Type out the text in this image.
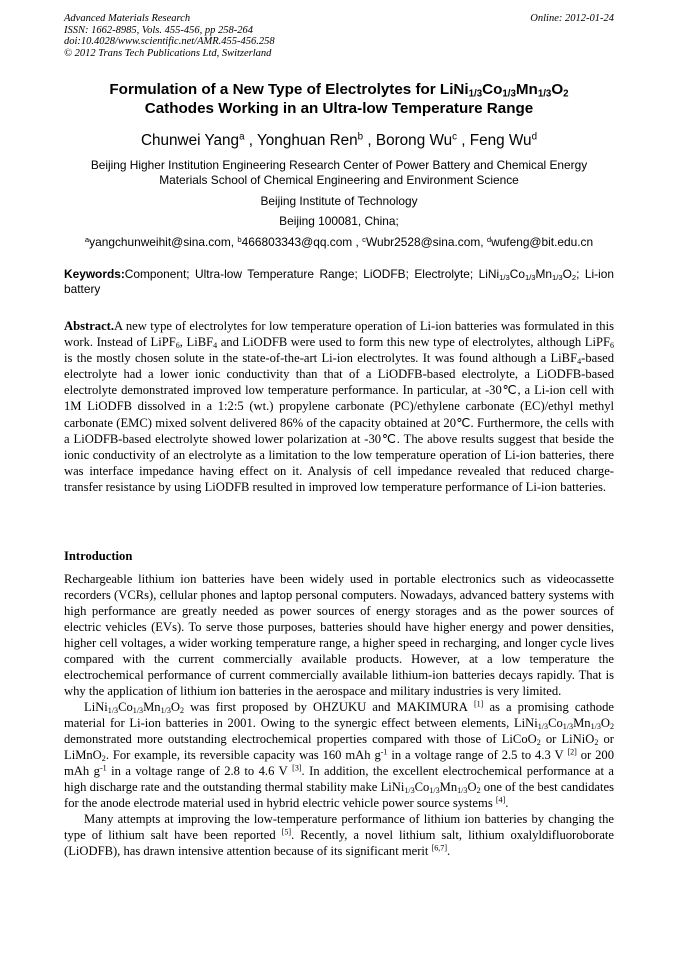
Advanced Materials Research
ISSN: 1662-8985, Vols. 455-456, pp 258-264
doi:10.4028/www.scientific.net/AMR.455-456.258
© 2012 Trans Tech Publications Ltd, Switzerland
Online: 2012-01-24
Formulation of a New Type of Electrolytes for $LiNi_{1/3}Co_{1/3}Mn_{1/3}O_2$
Cathodes Working in an Ultra-low Temperature Range
Chunwei Yang$^a$ , Yonghuan Ren$^b$ , Borong Wu$^c$ , Feng Wu$^d$
Beijing Higher Institution Engineering Research Center of Power Battery and Chemical Energy
Materials School of Chemical Engineering and Environment Science
Beijing Institute of Technology
Beijing 100081, China;
$^a$yangchunweihit@sina.com, $^b$466803343@qq.com , $^c$Wubr2528@sina.com, $^d$wufeng@bit.edu.cn
Keywords:Component; Ultra-low Temperature Range; LiODFB; Electrolyte; $LiNi_{1/3}Co_{1/3}Mn_{1/3}O_2$; Li-ion battery
Abstract.A new type of electrolytes for low temperature operation of Li-ion batteries was formulated in this work. Instead of LiPF$_6$, LiBF$_4$ and LiODFB were used to form this new type of electrolytes, although LiPF$_6$ is the mostly chosen solute in the state-of-the-art Li-ion electrolytes. It was found although a LiBF$_4$-based electrolyte had a lower ionic conductivity than that of a LiODFB-based electrolyte, a LiODFB-based electrolyte demonstrated improved low temperature performance. In particular, at -30℃, a Li-ion cell with 1M LiODFB dissolved in a 1:2:5 (wt.) propylene carbonate (PC)/ethylene carbonate (EC)/ethyl methyl carbonate (EMC) mixed solvent delivered 86% of the capacity obtained at 20℃. Furthermore, the cells with a LiODFB-based electrolyte showed lower polarization at -30℃. The above results suggest that beside the ionic conductivity of an electrolyte as a limitation to the low temperature operation of Li-ion batteries, there was interface impedance having effect on it. Analysis of cell impedance revealed that reduced charge-transfer resistance by using LiODFB resulted in improved low temperature performance of Li-ion batteries.
Introduction

Rechargeable lithium ion batteries have been widely used in portable electronics such as videocassette recorders (VCRs), cellular phones and laptop personal computers. Nowadays, advanced battery systems with high performance are greatly needed as power sources of energy storages and as the power sources of electric vehicles (EVs). To serve those purposes, batteries should have higher energy and power densities, higher cell voltages, a wider working temperature range, a higher speed in recharging, and longer cycle lives compared with the current commercially available products. However, at a low temperature the electrochemical performance of current commercially available lithium-ion batteries decays rapidly. That is why the application of lithium ion batteries in the aerospace and military industries is very limited.

$LiNi_{1/3}Co_{1/3}Mn_{1/3}O_2$ was first proposed by OHZUKU and MAKIMURA [1] as a promising cathode material for Li-ion batteries in 2001. Owing to the synergic effect between elements, $LiNi_{1/3}Co_{1/3}Mn_{1/3}O_2$ demonstrated more outstanding electrochemical properties compared with those of LiCoO$_2$ or LiNiO$_2$ or LiMnO$_2$. For example, its reversible capacity was 160 mAh $g^{-1}$ in a voltage range of 2.5 to 4.3 V [2] or 200 mAh $g^{-1}$ in a voltage range of 2.8 to 4.6 V [3]. In addition, the excellent electrochemical performance at a high discharge rate and the outstanding thermal stability make $LiNi_{1/3}Co_{1/3}Mn_{1/3}O_2$ one of the best candidates for the anode electrode material used in hybrid electric vehicle power source systems [4].

Many attempts at improving the low-temperature performance of lithium ion batteries by changing the type of lithium salt have been reported [5]. Recently, a novel lithium salt, lithium oxalyldifluoroborate (LiODFB), has drawn intensive attention because of its significant merit [6,7].
